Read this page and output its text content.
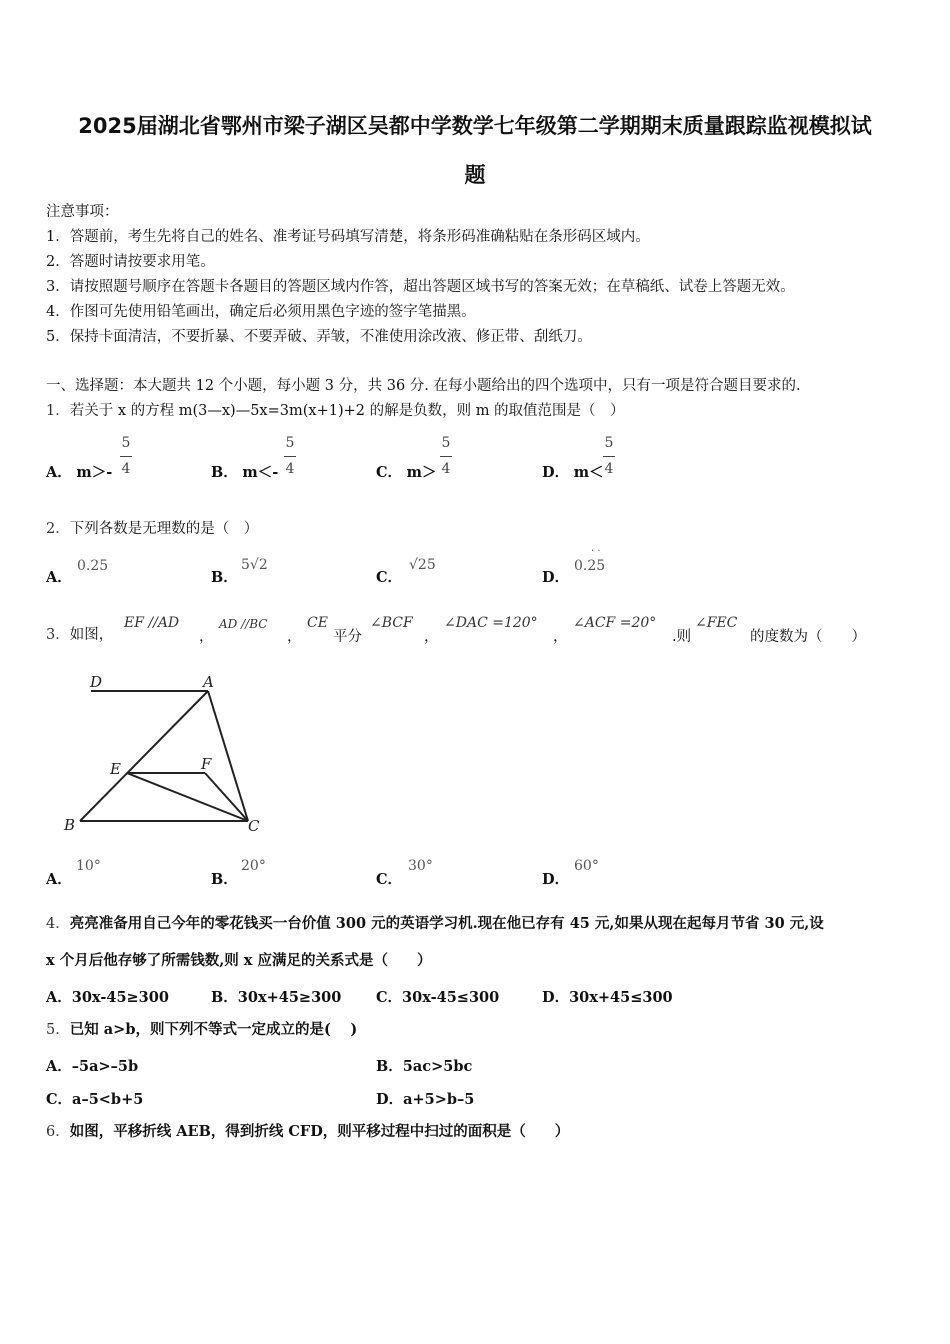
2025届湖北省鄂州市梁子湖区吴都中学数学七年级第二学期期末质量跟踪监视模拟试
题
注意事项：
1．答题前，考生先将自己的姓名、准考证号码填写清楚，将条形码准确粘贴在条形码区域内。
2．答题时请按要求用笔。
3．请按照题号顺序在答题卡各题目的答题区域内作答，超出答题区域书写的答案无效；在草稿纸、试卷上答题无效。
4．作图可先使用铅笔画出，确定后必须用黑色字迹的签字笔描黑。
5．保持卡面清洁，不要折暴、不要弄破、弄皱，不准使用涂改液、修正带、刮纸刀。
一、选择题：本大题共 12 个小题，每小题 3 分，共 36 分. 在每小题给出的四个选项中，只有一项是符合题目要求的.
1．若关于 x 的方程 m(3—x)—5x=3m(x+1)+2 的解是负数，则 m 的取值范围是（　）
A． m＞-
5
4	B． m＜-
5
4	C． m＞
5
4	D． m＜
5
4
2．下列各数是无理数的是（　）
A．
0.25
B．
5√2
C．
√25
D．
0.25
· ·
3．如图，
EF //AD
，
AD //BC
，
CE
平分
∠BCF
，
∠DAC =120°
，
∠ACF =20°
.则
∠FEC
的度数为（　　）
D	A
E	F
B	C
A．
10°
B．
20°
C．
30°
D．
60°
4．亮亮准备用自己今年的零花钱买一台价值 300 元的英语学习机.现在他已存有 45 元,如果从现在起每月节省 30 元,设
x 个月后他存够了所需钱数,则 x 应满足的关系式是（　　）
A．30x-45≥300	B．30x+45≥300 C．30x-45≤300	D．30x+45≤300
5．已知 a>b，则下列不等式一定成立的是(　 )
A．–5a>–5b	B．5ac>5bc
C．a–5<b+5	D．a+5>b–5
6．如图，平移折线 AEB，得到折线 CFD，则平移过程中扫过的面积是（　　）
